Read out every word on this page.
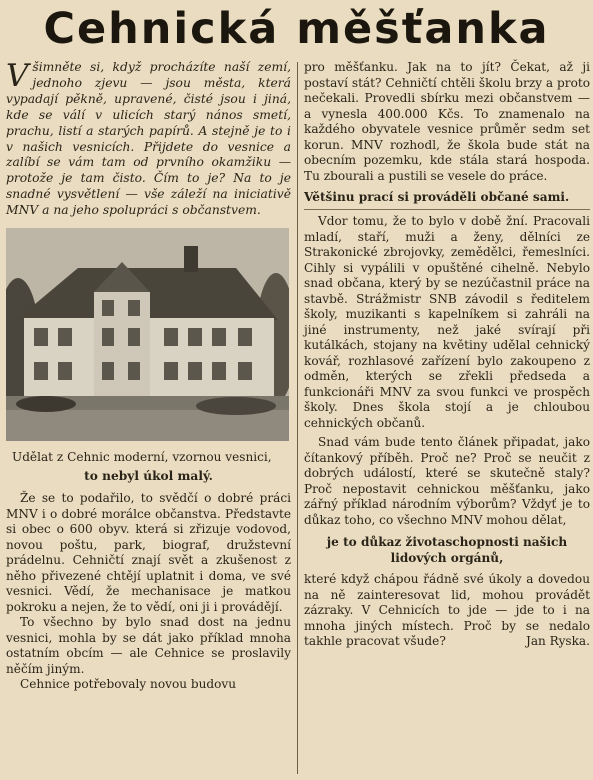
Cehnická měšťanka

Všimněte si, když procházíte naší zemí, jednoho zjevu — jsou města, která vypadají pěkně, upravené, čisté jsou i jiná, kde se válí v ulicích starý nános smetí, prachu, listí a starých papírů. A stejně je to i v našich vesnicích. Přijdete do vesnice a zalíbí se vám tam od prvního okamžiku — protože je tam čisto. Čím to je? Na to je snadné vysvětlení — vše záleží na iniciativě MNV a na jeho spolupráci s občanstvem.

Udělat z Cehnic moderní, vzornou vesnici,

to nebyl úkol malý.

Že se to podařilo, to svědčí o dobré práci MNV i o dobré morálce občanstva. Představte si obec o 600 obyv. která si zřizuje vodovod, novou poštu, park, biograf, družstevní prádelnu. Cehničtí znají svět a zkušenost z něho přivezené chtějí uplatnit i doma, ve své vesnici. Vědí, že mechanisace je matkou pokroku a nejen, že to vědí, oni ji i provádějí.

To všechno by bylo snad dost na jednu vesnici, mohla by se dát jako příklad mnoha ostatním obcím — ale Cehnice se proslavily něčím jiným.

Cehnice potřebovaly novou budovu

pro měšťanku. Jak na to jít? Čekat, až ji postaví stát? Cehničtí chtěli školu brzy a proto nečekali. Provedli sbírku mezi občanstvem — a vynesla 400.000 Kčs. To znamenalo na každého obyvatele vesnice průměr sedm set korun. MNV rozhodl, že škola bude stát na obecním pozemku, kde stála stará hospoda. Tu zbourali a pustili se vesele do práce.

Většinu prací si prováděli občané sami.

Vdor tomu, že to bylo v době žní. Pracovali mladí, staří, muži a ženy, dělníci ze Strakonické zbrojovky, zemědělci, řemeslníci. Cihly si vypálili v opuštěné cihelně. Nebylo snad občana, který by se nezúčastnil práce na stavbě. Strážmistr SNB závodil s ředitelem školy, muzikanti s kapelníkem si zahráli na jiné instrumenty, než jaké svírají při kutálkách, stojany na květiny udělal cehnický kovář, rozhlasové zařízení bylo zakoupeno z odměn, kterých se zřekli předseda a funkcionáři MNV za svou funkci ve prospěch školy. Dnes škola stojí a je chloubou cehnických občanů.

Snad vám bude tento článek připadat, jako čítankový příběh. Proč ne? Proč se neučit z dobrých událostí, které se skutečně staly? Proč nepostavit cehnickou měšťanku, jako zářný příklad národním výborům? Vždyť je to důkaz toho, co všechno MNV mohou dělat,

je to důkaz životaschopnosti našich lidových orgánů,

které když chápou řádně své úkoly a dovedou na ně zainteresovat lid, mohou provádět zázraky. V Cehnicích to jde — jde to i na mnoha jiných místech. Proč by se nedalo takhle pracovat všude?	Jan Ryska.
